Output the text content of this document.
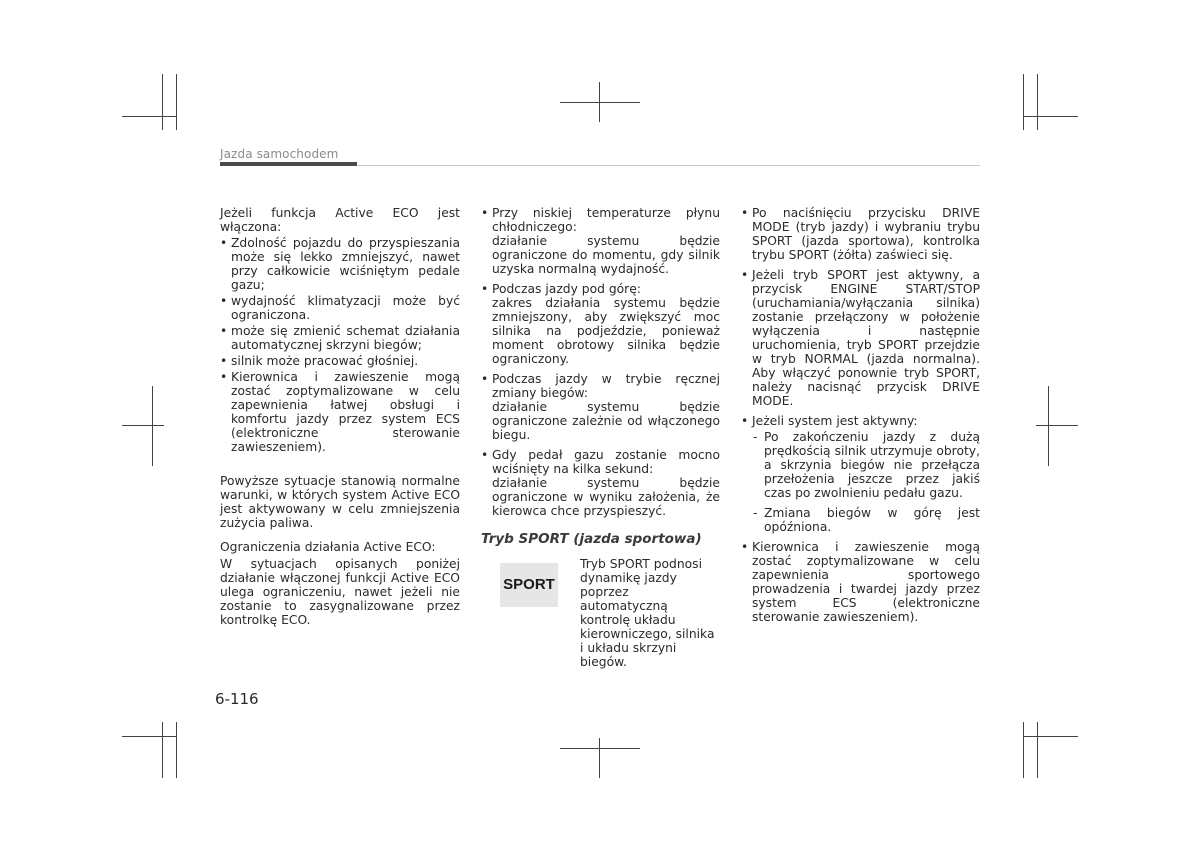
Jazda samochodem

Jeżeli funkcja Active ECO jest włączona:

• Zdolność pojazdu do przyspieszania może się lekko zmniejszyć, nawet przy całkowicie wciśniętym pedale gazu;
• wydajność klimatyzacji może być ograniczona.
• może się zmienić schemat działania automatycznej skrzyni biegów;
• silnik może pracować głośniej.
• Kierownica i zawieszenie mogą zostać zoptymalizowane w celu zapewnienia łatwej obsługi i komfortu jazdy przez system ECS (elektroniczne sterowanie zawieszeniem).

Powyższe sytuacje stanowią normalne warunki, w których system Active ECO jest aktywowany w celu zmniejszenia zużycia paliwa.

Ograniczenia działania Active ECO:

W sytuacjach opisanych poniżej działanie włączonej funkcji Active ECO ulega ograniczeniu, nawet jeżeli nie zostanie to zasygnalizowane przez kontrolkę ECO.

• Przy niskiej temperaturze płynu chłodniczego:
działanie systemu będzie ograniczone do momentu, gdy silnik uzyska normalną wydajność.
• Podczas jazdy pod górę:
zakres działania systemu będzie zmniejszony, aby zwiększyć moc silnika na podjeździe, ponieważ moment obrotowy silnika będzie ograniczony.
• Podczas jazdy w trybie ręcznej zmiany biegów:
działanie systemu będzie ograniczone zależnie od włączonego biegu.
• Gdy pedał gazu zostanie mocno wciśnięty na kilka sekund:
działanie systemu będzie ograniczone w wyniku założenia, że kierowca chce przyspieszyć.
Tryb SPORT (jazda sportowa)
SPORT
Tryb SPORT podnosi dynamikę jazdy poprzez automatyczną kontrolę układu kierowniczego, silnika i układu skrzyni biegów.
• Po naciśnięciu przycisku DRIVE MODE (tryb jazdy) i wybraniu trybu SPORT (jazda sportowa), kontrolka trybu SPORT (żółta) zaświeci się.
• Jeżeli tryb SPORT jest aktywny, a przycisk ENGINE START/STOP (uruchamiania/wyłączania silnika) zostanie przełączony w położenie wyłączenia i następnie uruchomienia, tryb SPORT przejdzie w tryb NORMAL (jazda normalna). Aby włączyć ponownie tryb SPORT, należy nacisnąć przycisk DRIVE MODE.
• Jeżeli system jest aktywny:
- Po zakończeniu jazdy z dużą prędkością silnik utrzymuje obroty, a skrzynia biegów nie przełącza przełożenia jeszcze przez jakiś czas po zwolnieniu pedału gazu.
- Zmiana biegów w górę jest opóźniona.
• Kierownica i zawieszenie mogą zostać zoptymalizowane w celu zapewnienia sportowego prowadzenia i twardej jazdy przez system ECS (elektroniczne sterowanie zawieszeniem).
6-116
